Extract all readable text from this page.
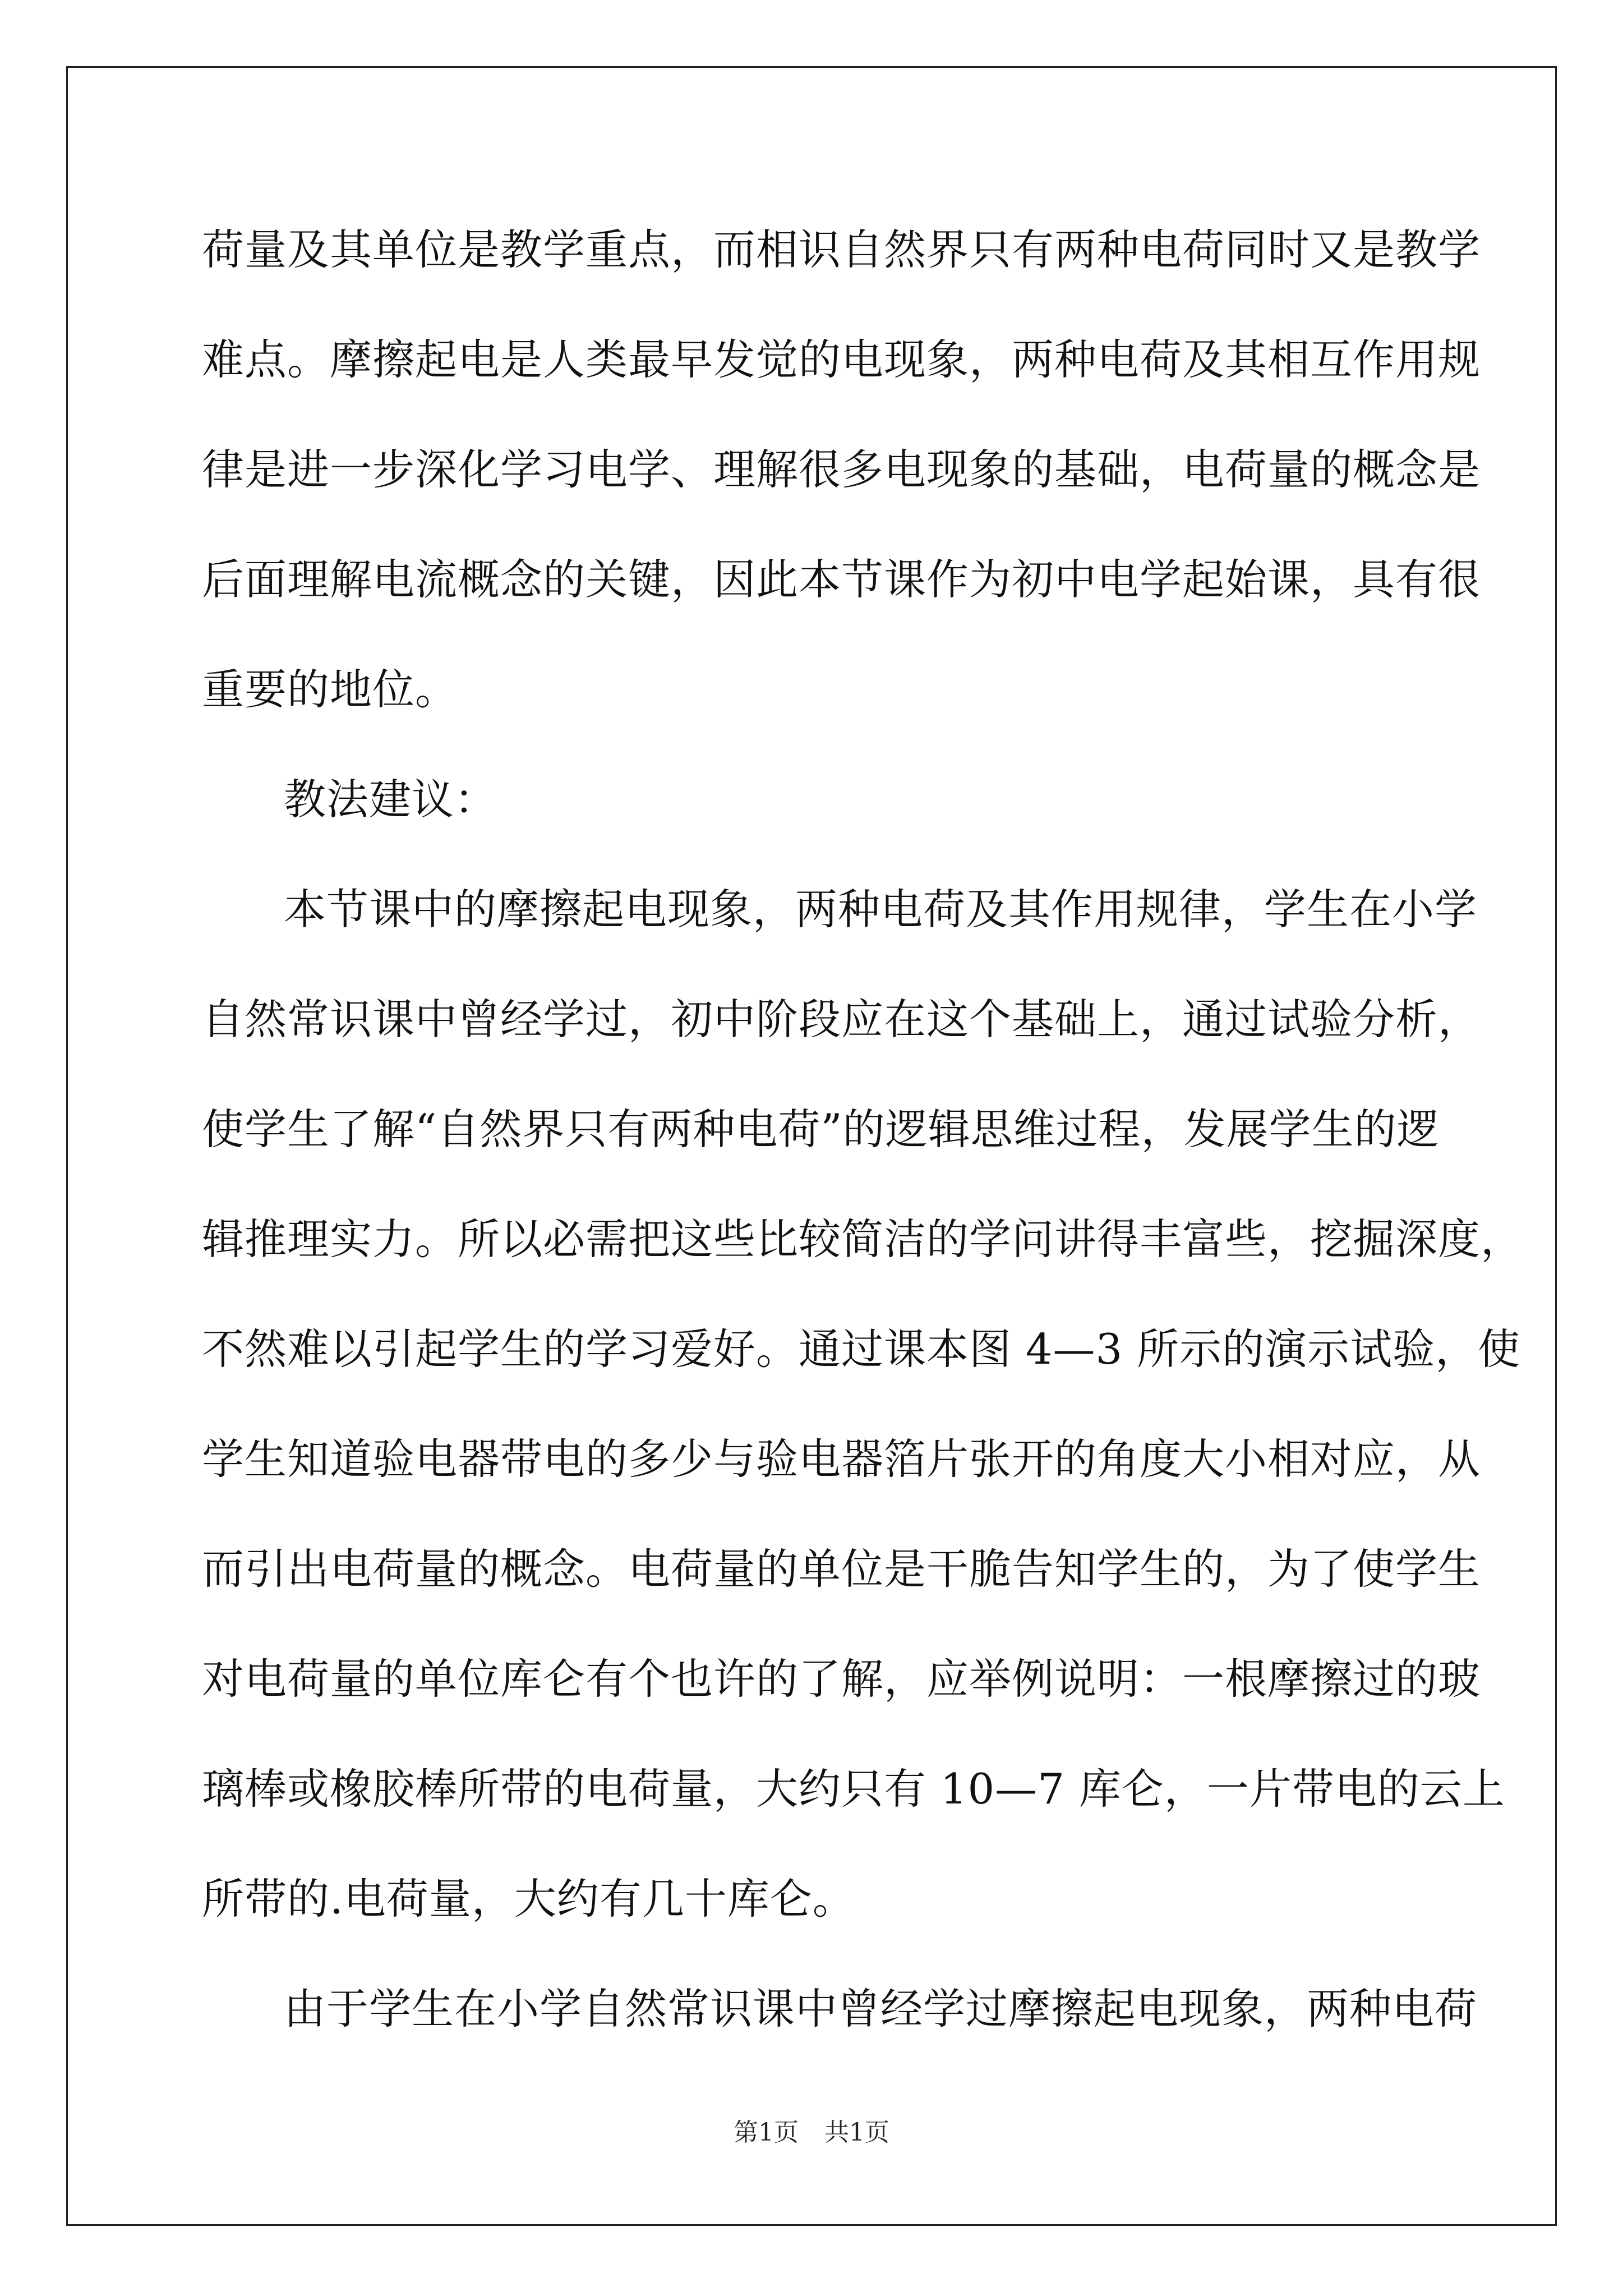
荷量及其单位是教学重点，而相识自然界只有两种电荷同时又是教学
难点。摩擦起电是人类最早发觉的电现象，两种电荷及其相互作用规
律是进一步深化学习电学、理解很多电现象的基础，电荷量的概念是
后面理解电流概念的关键，因此本节课作为初中电学起始课，具有很
重要的地位。
教法建议：
本节课中的摩擦起电现象，两种电荷及其作用规律，学生在小学
自然常识课中曾经学过，初中阶段应在这个基础上，通过试验分析，
使学生了解“自然界只有两种电荷”的逻辑思维过程，发展学生的逻
辑推理实力。所以必需把这些比较简洁的学问讲得丰富些，挖掘深度，
不然难以引起学生的学习爱好。通过课本图 4—3 所示的演示试验，使
学生知道验电器带电的多少与验电器箔片张开的角度大小相对应，从
而引出电荷量的概念。电荷量的单位是干脆告知学生的，为了使学生
对电荷量的单位库仑有个也许的了解，应举例说明：一根摩擦过的玻
璃棒或橡胶棒所带的电荷量，大约只有 10—7 库仑，一片带电的云上
所带的.电荷量，大约有几十库仑。
由于学生在小学自然常识课中曾经学过摩擦起电现象，两种电荷
第1页 共1页
